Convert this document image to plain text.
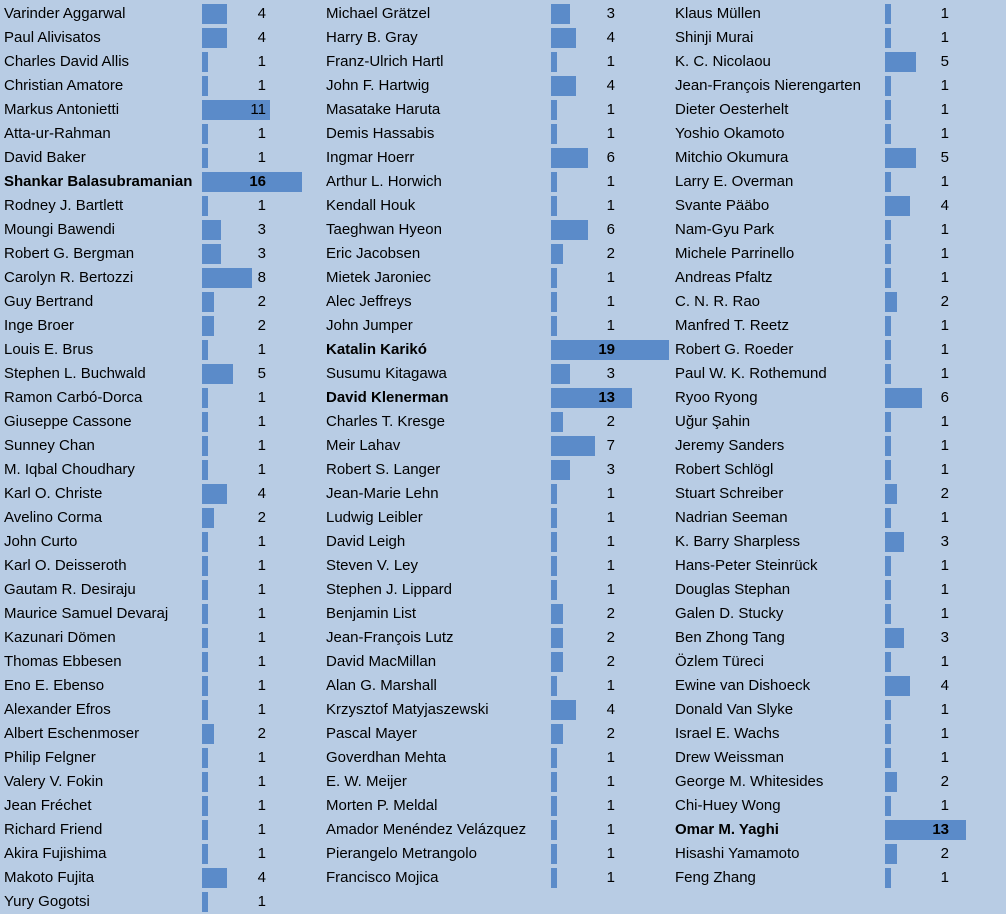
Varinder Aggarwal	4
Paul Alivisatos	4
Charles David Allis	1
Christian Amatore	1
Markus Antonietti	11
Atta-ur-Rahman	1
David Baker	1
Shankar Balasubramanian	16
Rodney J. Bartlett	1
Moungi Bawendi	3
Robert G. Bergman	3
Carolyn R. Bertozzi	8
Guy Bertrand	2
Inge Broer	2
Louis E. Brus	1
Stephen L. Buchwald	5
Ramon Carbó-Dorca	1
Giuseppe Cassone	1
Sunney Chan	1
M. Iqbal Choudhary	1
Karl O. Christe	4
Avelino Corma	2
John Curto	1
Karl O. Deisseroth	1
Gautam R. Desiraju	1
Maurice Samuel Devaraj	1
Kazunari Dömen	1
Thomas Ebbesen	1
Eno E. Ebenso	1
Alexander Efros	1
Albert Eschenmoser	2
Philip Felgner	1
Valery V. Fokin	1
Jean Fréchet	1
Richard Friend	1
Akira Fujishima	1
Makoto Fujita	4
Yury Gogotsi	1
Michael Grätzel	3
Harry B. Gray	4
Franz-Ulrich Hartl	1
John F. Hartwig	4
Masatake Haruta	1
Demis Hassabis	1
Ingmar Hoerr	6
Arthur L. Horwich	1
Kendall Houk	1
Taeghwan Hyeon	6
Eric Jacobsen	2
Mietek Jaroniec	1
Alec Jeffreys	1
John Jumper	1
Katalin Karikó	19
Susumu Kitagawa	3
David Klenerman	13
Charles T. Kresge	2
Meir Lahav	7
Robert S. Langer	3
Jean-Marie Lehn	1
Ludwig Leibler	1
David Leigh	1
Steven V. Ley	1
Stephen J. Lippard	1
Benjamin List	2
Jean-François Lutz	2
David MacMillan	2
Alan G. Marshall	1
Krzysztof Matyjaszewski	4
Pascal Mayer	2
Goverdhan Mehta	1
E. W. Meijer	1
Morten P. Meldal	1
Amador Menéndez Velázquez	1
Pierangelo Metrangolo	1
Francisco Mojica	1
Klaus Müllen	1
Shinji Murai	1
K. C. Nicolaou	5
Jean-François Nierengarten	1
Dieter Oesterhelt	1
Yoshio Okamoto	1
Mitchio Okumura	5
Larry E. Overman	1
Svante Pääbo	4
Nam-Gyu Park	1
Michele Parrinello	1
Andreas Pfaltz	1
C. N. R. Rao	2
Manfred T. Reetz	1
Robert G. Roeder	1
Paul W. K. Rothemund	1
Ryoo Ryong	6
Uğur Şahin	1
Jeremy Sanders	1
Robert Schlögl	1
Stuart Schreiber	2
Nadrian Seeman	1
K. Barry Sharpless	3
Hans-Peter Steinrück	1
Douglas Stephan	1
Galen D. Stucky	1
Ben Zhong Tang	3
Özlem Türeci	1
Ewine van Dishoeck	4
Donald Van Slyke	1
Israel E. Wachs	1
Drew Weissman	1
George M. Whitesides	2
Chi-Huey Wong	1
Omar M. Yaghi	13
Hisashi Yamamoto	2
Feng Zhang	1
